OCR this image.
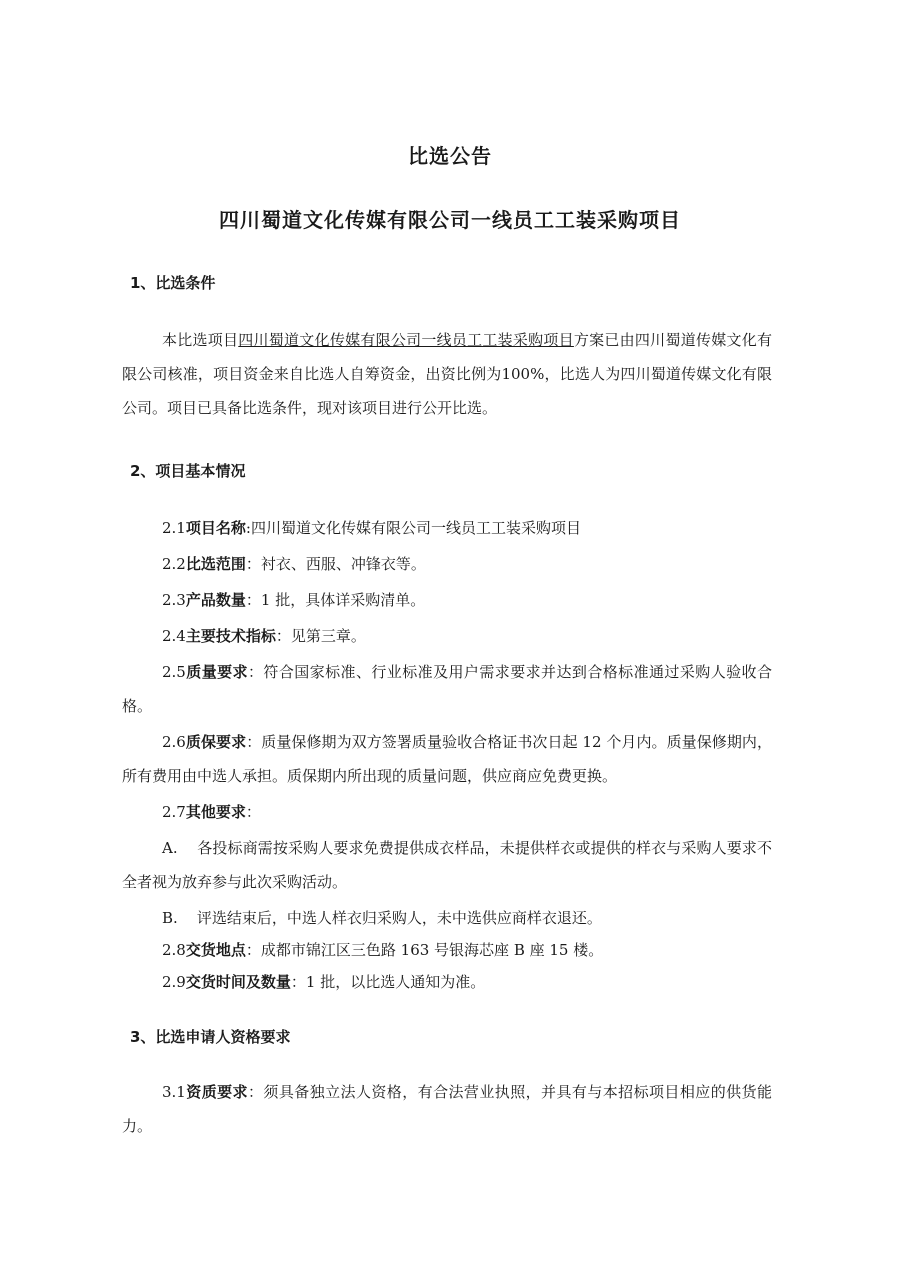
比选公告
四川蜀道文化传媒有限公司一线员工工装采购项目
1、比选条件
本比选项目四川蜀道文化传媒有限公司一线员工工装采购项目方案已由四川蜀道传媒文化有限公司核准，项目资金来自比选人自筹资金，出资比例为100%，比选人为四川蜀道传媒文化有限公司。项目已具备比选条件，现对该项目进行公开比选。
2、项目基本情况
2.1项目名称:四川蜀道文化传媒有限公司一线员工工装采购项目
2.2比选范围：衬衣、西服、冲锋衣等。
2.3产品数量：1 批，具体详采购清单。
2.4主要技术指标：见第三章。
2.5质量要求：符合国家标准、行业标准及用户需求要求并达到合格标准通过采购人验收合格。
2.6质保要求：质量保修期为双方签署质量验收合格证书次日起 12 个月内。质量保修期内，所有费用由中选人承担。质保期内所出现的质量问题，供应商应免费更换。
2.7其他要求：
A. 各投标商需按采购人要求免费提供成衣样品，未提供样衣或提供的样衣与采购人要求不全者视为放弃参与此次采购活动。
B. 评选结束后，中选人样衣归采购人，未中选供应商样衣退还。
2.8交货地点：成都市锦江区三色路 163 号银海芯座 B 座 15 楼。
2.9交货时间及数量：1 批，以比选人通知为准。
3、比选申请人资格要求
3.1资质要求：须具备独立法人资格，有合法营业执照，并具有与本招标项目相应的供货能力。
